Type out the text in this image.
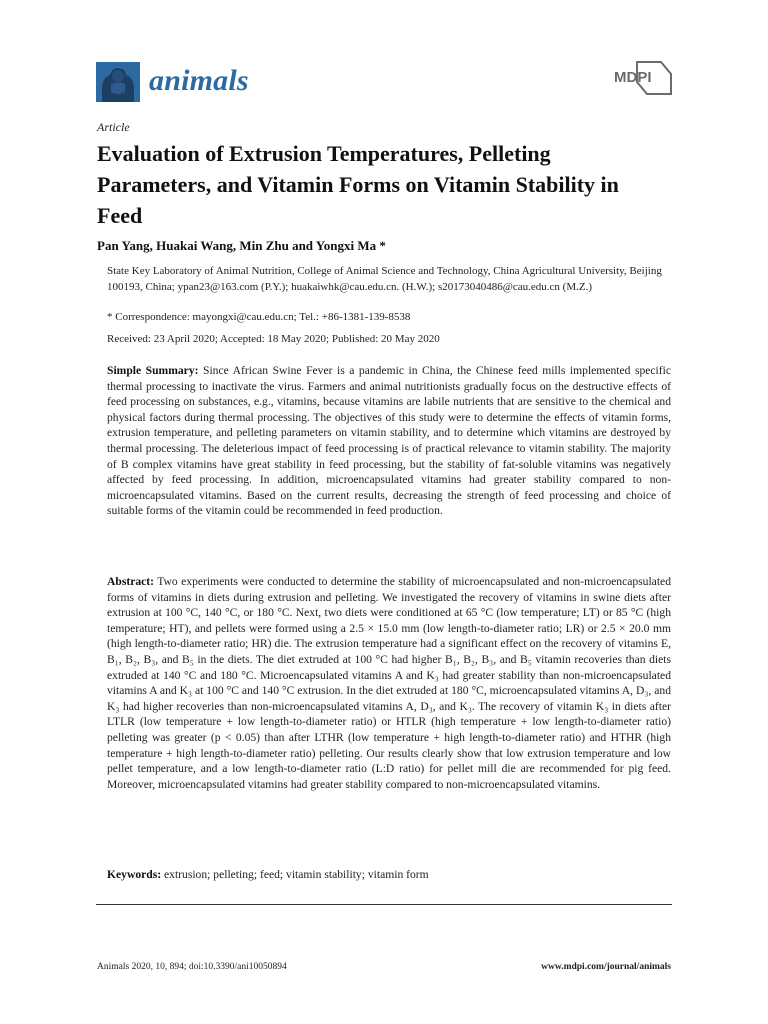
animals	MDPI
Article
Evaluation of Extrusion Temperatures, Pelleting Parameters, and Vitamin Forms on Vitamin Stability in Feed
Pan Yang, Huakai Wang, Min Zhu and Yongxi Ma *
State Key Laboratory of Animal Nutrition, College of Animal Science and Technology, China Agricultural University, Beijing 100193, China; ypan23@163.com (P.Y.); huakaiwhk@cau.edu.cn. (H.W.); s20173040486@cau.edu.cn (M.Z.)
* Correspondence: mayongxi@cau.edu.cn; Tel.: +86-1381-139-8538
Received: 23 April 2020; Accepted: 18 May 2020; Published: 20 May 2020
Simple Summary: Since African Swine Fever is a pandemic in China, the Chinese feed mills implemented specific thermal processing to inactivate the virus. Farmers and animal nutritionists gradually focus on the destructive effects of feed processing on substances, e.g., vitamins, because vitamins are labile nutrients that are sensitive to the chemical and physical factors during thermal processing. The objectives of this study were to determine the effects of vitamin forms, extrusion temperature, and pelleting parameters on vitamin stability, and to determine which vitamins are destroyed by thermal processing. The deleterious impact of feed processing is of practical relevance to vitamin stability. The majority of B complex vitamins have great stability in feed processing, but the stability of fat-soluble vitamins was negatively affected by feed processing. In addition, microencapsulated vitamins had greater stability compared to non-microencapsulated vitamins. Based on the current results, decreasing the strength of feed processing and choice of suitable forms of the vitamin could be recommended in feed production.
Abstract: Two experiments were conducted to determine the stability of microencapsulated and non-microencapsulated forms of vitamins in diets during extrusion and pelleting. We investigated the recovery of vitamins in swine diets after extrusion at 100 °C, 140 °C, or 180 °C. Next, two diets were conditioned at 65 °C (low temperature; LT) or 85 °C (high temperature; HT), and pellets were formed using a 2.5 × 15.0 mm (low length-to-diameter ratio; LR) or 2.5 × 20.0 mm (high length-to-diameter ratio; HR) die. The extrusion temperature had a significant effect on the recovery of vitamins E, B₁, B₂, B₃, and B₅ in the diets. The diet extruded at 100 °C had higher B₁, B₂, B₃, and B₅ vitamin recoveries than diets extruded at 140 °C and 180 °C. Microencapsulated vitamins A and K₃ had greater stability than non-microencapsulated vitamins A and K₃ at 100 °C and 140 °C extrusion. In the diet extruded at 180 °C, microencapsulated vitamins A, D₃, and K₃ had higher recoveries than non-microencapsulated vitamins A, D₃, and K₃. The recovery of vitamin K₃ in diets after LTLR (low temperature + low length-to-diameter ratio) or HTLR (high temperature + low length-to-diameter ratio) pelleting was greater (p < 0.05) than after LTHR (low temperature + high length-to-diameter ratio) and HTHR (high temperature + high length-to-diameter ratio) pelleting. Our results clearly show that low extrusion temperature and low pellet temperature, and a low length-to-diameter ratio (L:D ratio) for pellet mill die are recommended for pig feed. Moreover, microencapsulated vitamins had greater stability compared to non-microencapsulated vitamins.
Keywords: extrusion; pelleting; feed; vitamin stability; vitamin form
Animals 2020, 10, 894; doi:10.3390/ani10050894	www.mdpi.com/journal/animals
